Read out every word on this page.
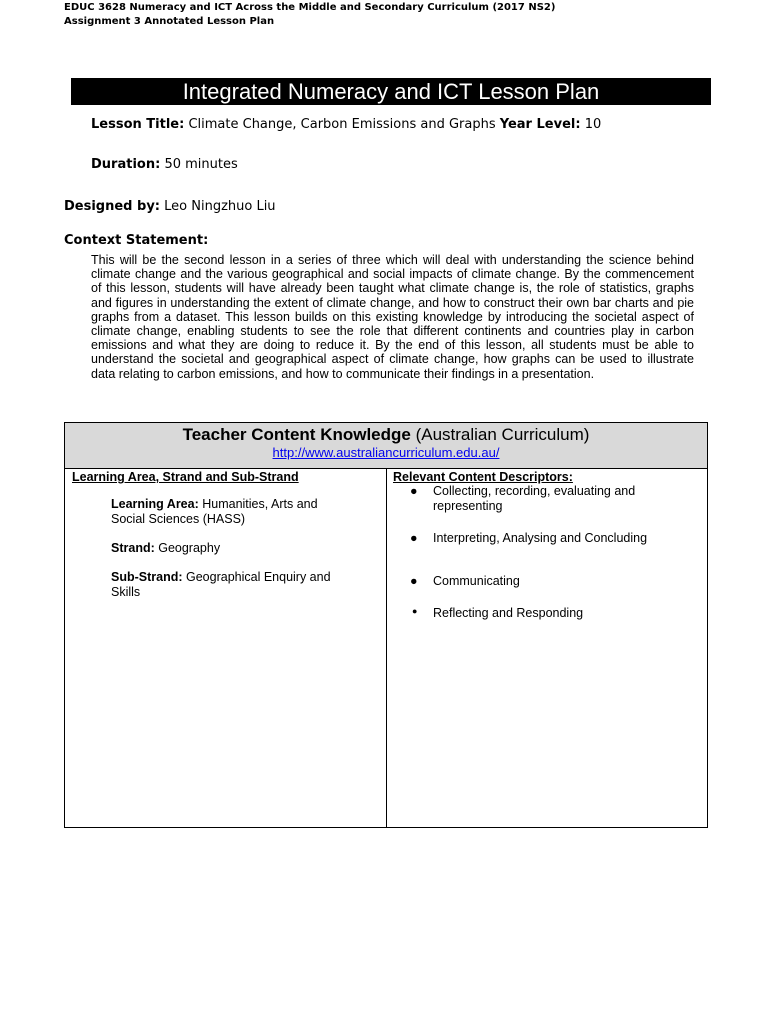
EDUC 3628 Numeracy and ICT Across the Middle and Secondary Curriculum (2017 NS2)
Assignment 3 Annotated Lesson Plan
Integrated Numeracy and ICT Lesson Plan
Lesson Title: Climate Change, Carbon Emissions and Graphs Year Level: 10
Duration: 50 minutes
Designed by: Leo Ningzhuo Liu
Context Statement:
This will be the second lesson in a series of three which will deal with understanding the science behind climate change and the various geographical and social impacts of climate change. By the commencement of this lesson, students will have already been taught what climate change is, the role of statistics, graphs and figures in understanding the extent of climate change, and how to construct their own bar charts and pie graphs from a dataset. This lesson builds on this existing knowledge by introducing the societal aspect of climate change, enabling students to see the role that different continents and countries play in carbon emissions and what they are doing to reduce it. By the end of this lesson, all students must be able to understand the societal and geographical aspect of climate change, how graphs can be used to illustrate data relating to carbon emissions, and how to communicate their findings in a presentation.
Teacher Content Knowledge (Australian Curriculum)
http://www.australiancurriculum.edu.au/
Learning Area, Strand and Sub-Strand
Learning Area: Humanities, Arts and Social Sciences (HASS)
Strand: Geography
Sub-Strand: Geographical Enquiry and Skills
Relevant Content Descriptors:
● Collecting, recording, evaluating and representing
● Interpreting, Analysing and Concluding
● Communicating
● Reflecting and Responding
